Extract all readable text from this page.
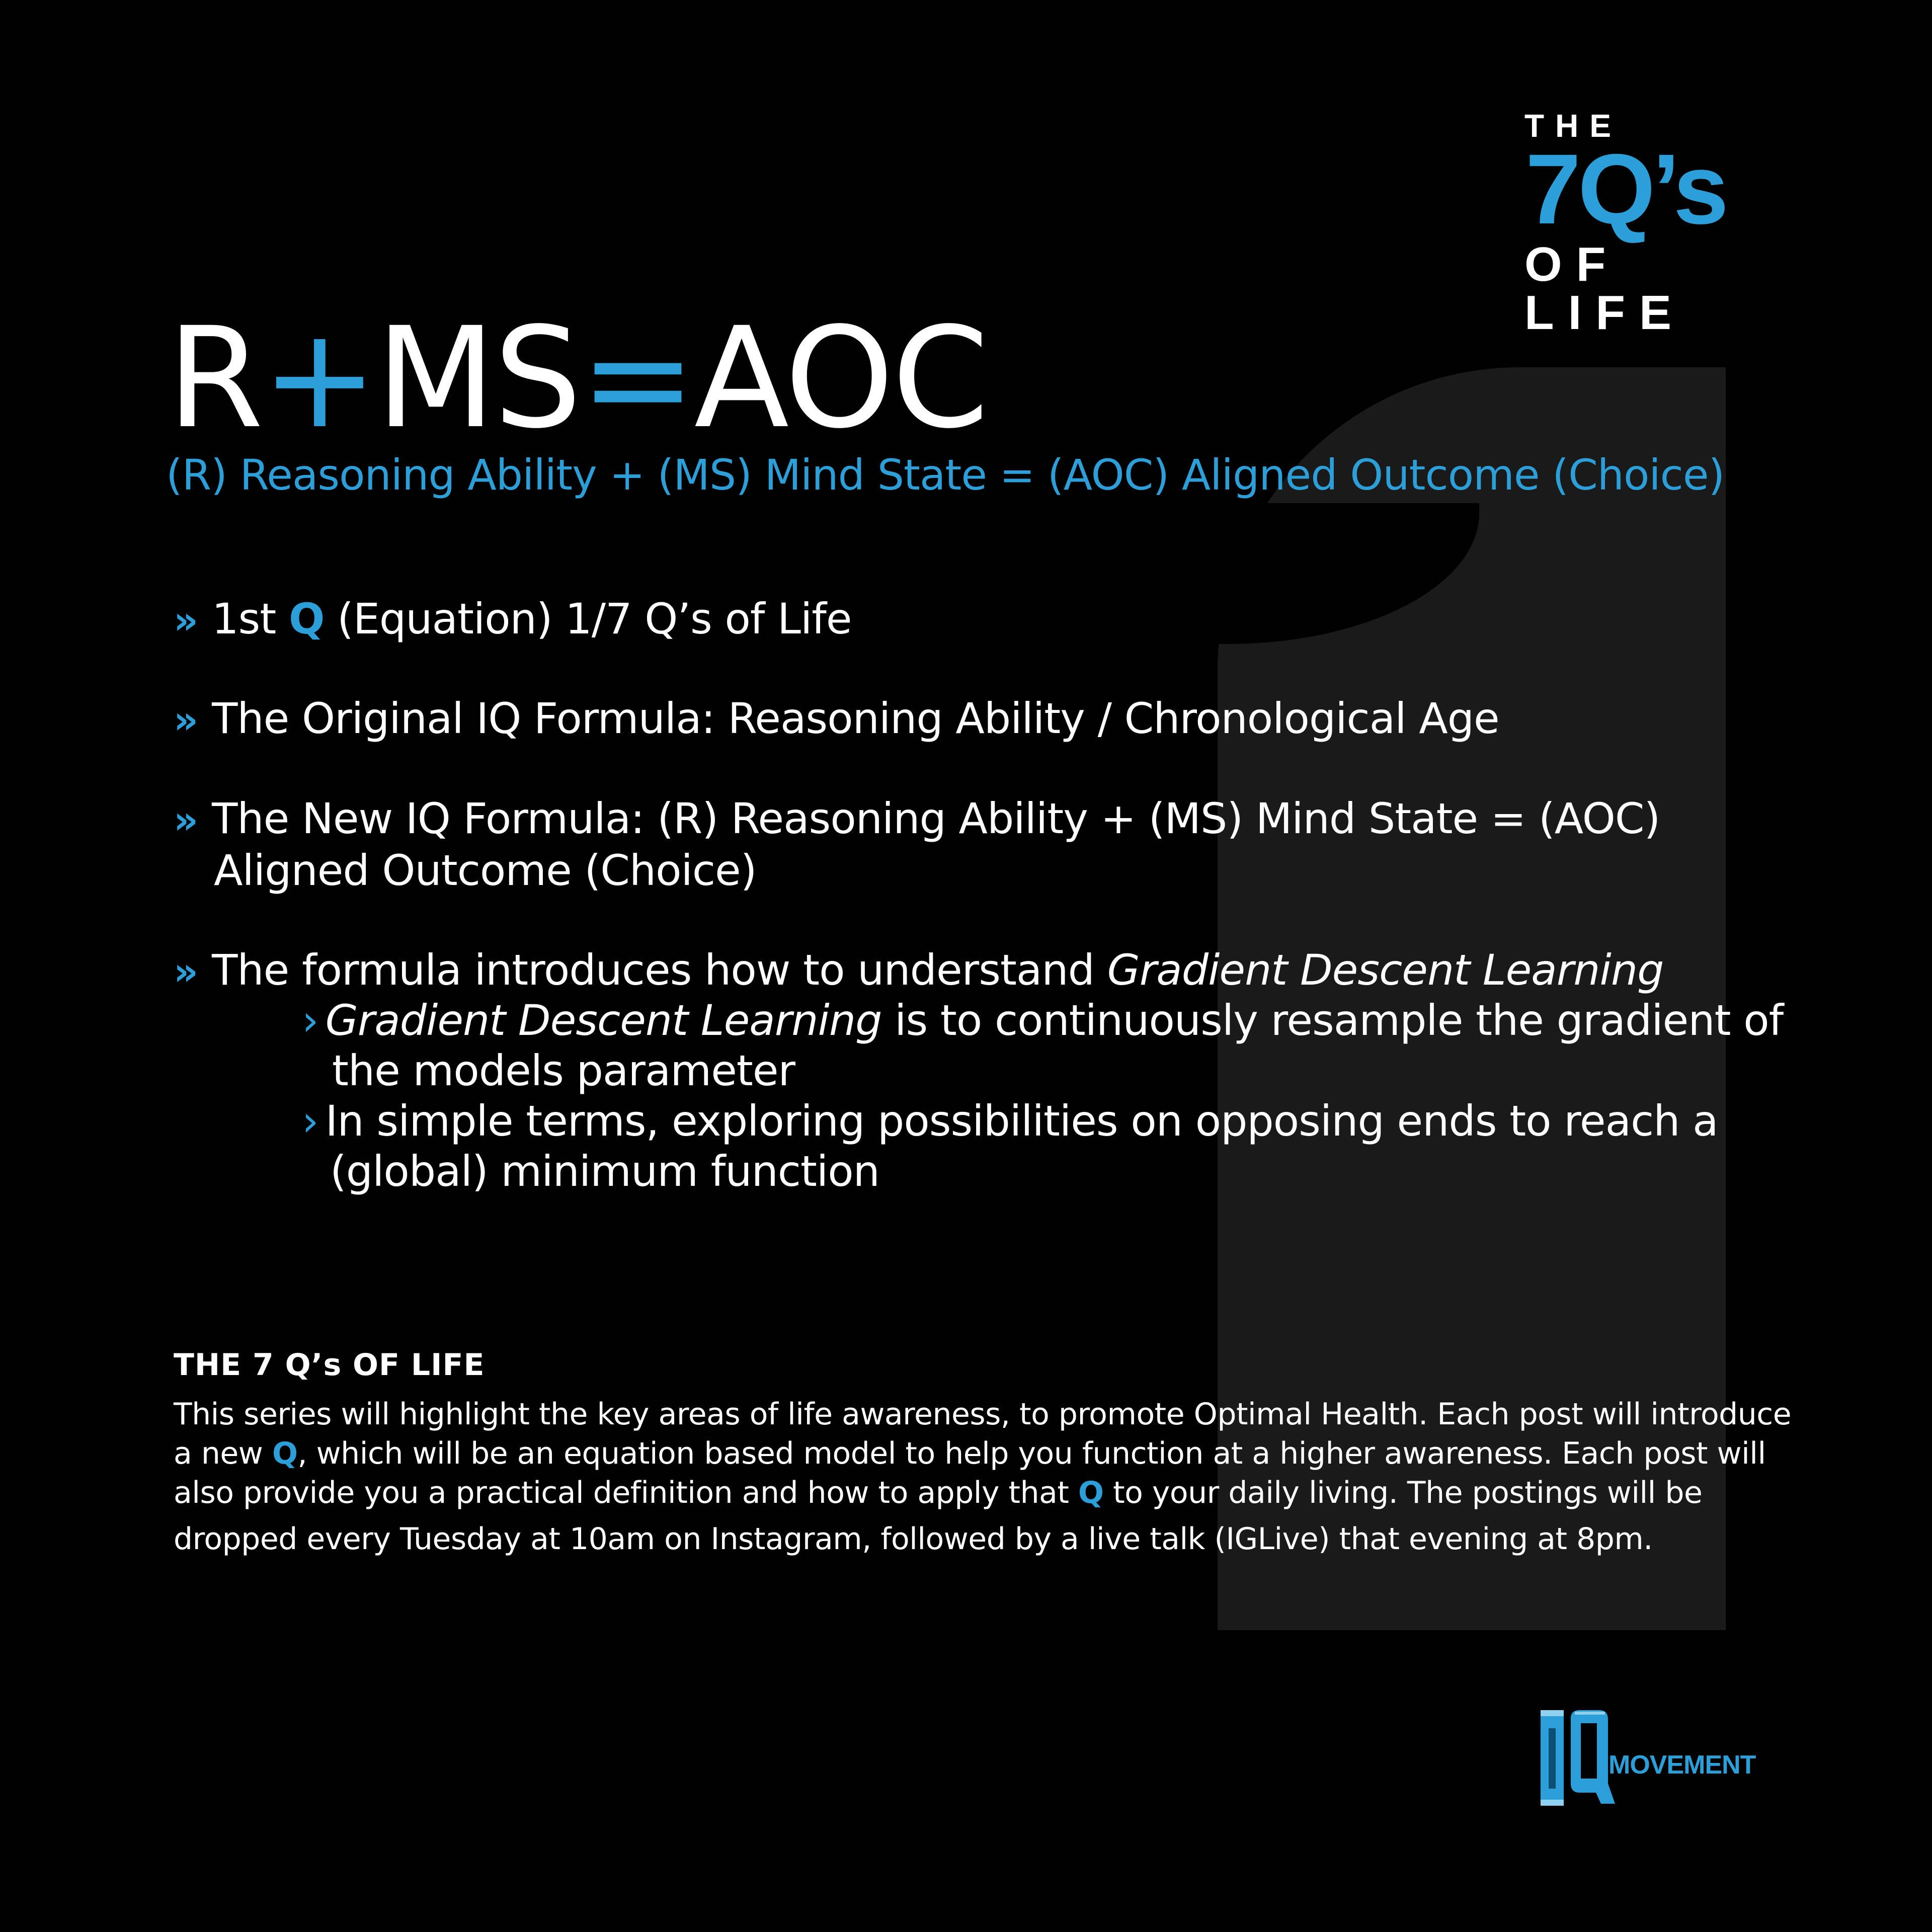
THE
7Q’s
OF LIFE
R+MS=AOC
(R) Reasoning Ability + (MS) Mind State = (AOC) Aligned Outcome (Choice)
» 1st Q (Equation) 1/7 Q’s of Life
» The Original IQ Formula: Reasoning Ability / Chronological Age
» The New IQ Formula: (R) Reasoning Ability + (MS) Mind State = (AOC)
Aligned Outcome (Choice)
» The formula introduces how to understand Gradient Descent Learning
› Gradient Descent Learning is to continuously resample the gradient of
the models parameter
› In simple terms, exploring possibilities on opposing ends to reach a
(global) minimum function
THE 7 Q’s OF LIFE
This series will highlight the key areas of life awareness, to promote Optimal Health. Each post will introduce
a new Q, which will be an equation based model to help you function at a higher awareness. Each post will
also provide you a practical definition and how to apply that Q to your daily living. The postings will be
dropped every Tuesday at 10am on Instagram, followed by a live talk (IGLive) that evening at 8pm.
MOVEMENT
